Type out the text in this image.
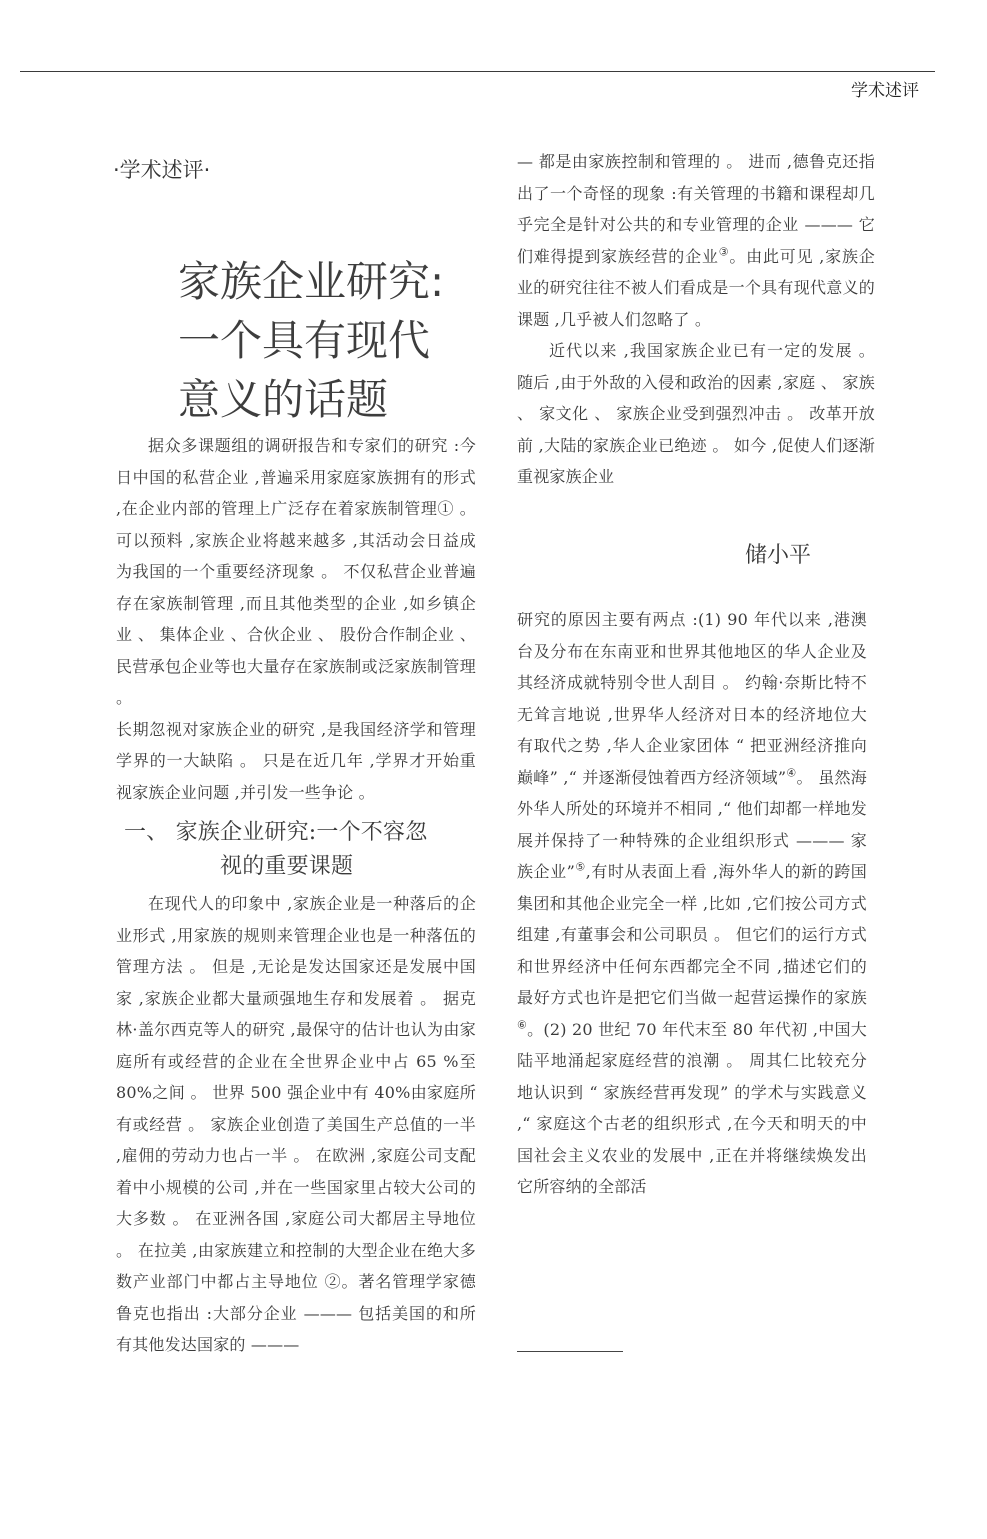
学术述评
·学术述评·
家族企业研究:
一个具有现代
意义的话题

据众多课题组的调研报告和专家们的研究 :今日中国的私营企业 ,普遍采用家庭家族拥有的形式 ,在企业内部的管理上广泛存在着家族制管理① 。 可以预料 ,家族企业将越来越多 ,其活动会日益成为我国的一个重要经济现象 。 不仅私营企业普遍存在家族制管理 ,而且其他类型的企业 ,如乡镇企业 、 集体企业 、合伙企业 、 股份合作制企业 、 民营承包企业等也大量存在家族制或泛家族制管理 。

长期忽视对家族企业的研究 ,是我国经济学和管理学界的一大缺陷 。 只是在近几年 ,学界才开始重视家族企业问题 ,并引发一些争论 。

一、 家族企业研究:一个不容忽
视的重要课题

在现代人的印象中 ,家族企业是一种落后的企业形式 ,用家族的规则来管理企业也是一种落伍的管理方法 。 但是 ,无论是发达国家还是发展中国家 ,家族企业都大量顽强地生存和发展着 。 据克林·盖尔西克等人的研究 ,最保守的估计也认为由家庭所有或经营的企业在全世界企业中占 65 %至 80%之间 。 世界 500 强企业中有 40%由家庭所有或经营 。 家族企业创造了美国生产总值的一半 ,雇佣的劳动力也占一半 。 在欧洲 ,家庭公司支配着中小规模的公司 ,并在一些国家里占较大公司的大多数 。 在亚洲各国 ,家庭公司大都居主导地位 。 在拉美 ,由家族建立和控制的大型企业在绝大多数产业部门中都占主导地位 ②。著名管理学家德鲁克也指出 :大部分企业 ——— 包括美国的和所有其他发达国家的 ———

— 都是由家族控制和管理的 。 进而 ,德鲁克还指出了一个奇怪的现象 :有关管理的书籍和课程却几乎完全是针对公共的和专业管理的企业 ——— 它们难得提到家族经营的企业③。由此可见 ,家族企业的研究往往不被人们看成是一个具有现代意义的课题 ,几乎被人们忽略了 。

近代以来 ,我国家族企业已有一定的发展 。 随后 ,由于外敌的入侵和政治的因素 ,家庭 、 家族 、 家文化 、 家族企业受到强烈冲击 。 改革开放前 ,大陆的家族企业已绝迹 。 如今 ,促使人们逐渐重视家族企业

储小平

研究的原因主要有两点 :(1) 90 年代以来 ,港澳台及分布在东南亚和世界其他地区的华人企业及其经济成就特别令世人刮目 。 约翰·奈斯比特不无耸言地说 ,世界华人经济对日本的经济地位大有取代之势 ,华人企业家团体 “ 把亚洲经济推向巅峰” ,“ 并逐渐侵蚀着西方经济领域”④。 虽然海外华人所处的环境并不相同 ,“ 他们却都一样地发展并保持了一种特殊的企业组织形式 ——— 家族企业”⑤,有时从表面上看 ,海外华人的新的跨国集团和其他企业完全一样 ,比如 ,它们按公司方式组建 ,有董事会和公司职员 。 但它们的运行方式和世界经济中任何东西都完全不同 ,描述它们的最好方式也许是把它们当做一起营运操作的家族⑥。(2) 20 世纪 70 年代末至 80 年代初 ,中国大陆平地涌起家庭经营的浪潮 。 周其仁比较充分地认识到 “ 家族经营再发现” 的学术与实践意义 ,“ 家庭这个古老的组织形式 ,在今天和明天的中国社会主义农业的发展中 ,正在并将继续焕发出它所容纳的全部活
